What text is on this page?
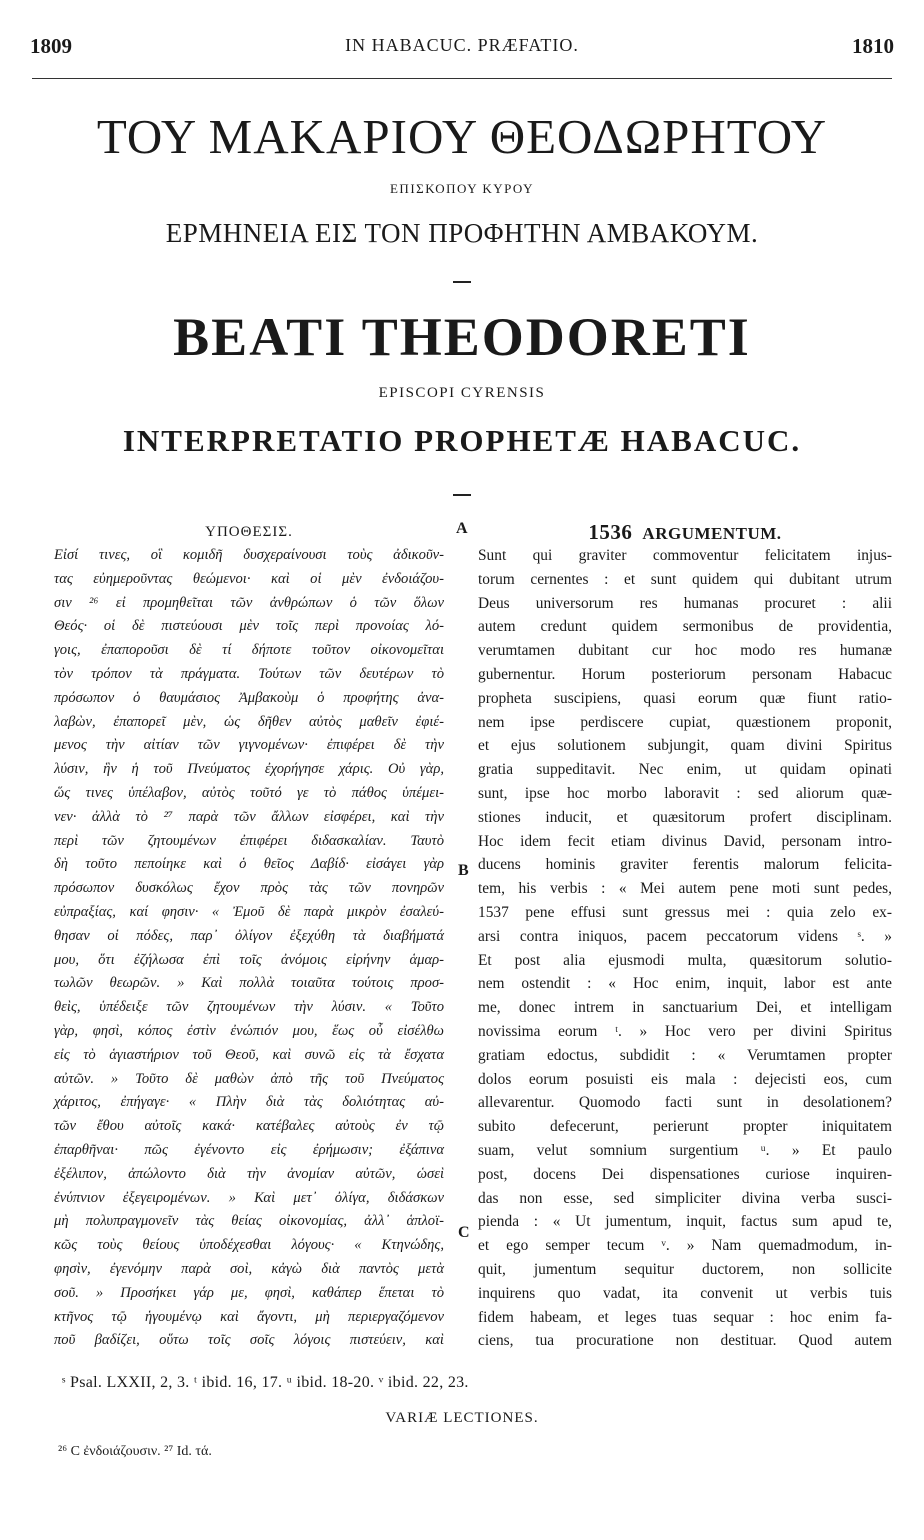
1809	IN HABACUC. PRÆFATIO.	1810
ΤΟΥ ΜΑΚΑΡΙΟΥ ΘΕΟΔΩΡΗΤΟΥ
ΕΠΙΣΚΟΠΟΥ ΚΥΡΟΥ
ΕΡΜΗΝΕΙΑ ΕΙΣ ΤΟΝ ΠΡΟΦΗΤΗΝ ΑΜΒΑΚΟΥΜ.
BEATI THEODORETI
EPISCOPI CYRENSIS
INTERPRETATIO PROPHETÆ HABACUC.
A
B
C
ΥΠΟΘΕΣΙΣ.
Εἰσί τινες, οἳ κομιδῆ δυσχεραίνουσι τοὺς ἀδικοῦν-
τας εὐημεροῦντας θεώμενοι· καὶ οἱ μὲν ἐνδοιάζου-
σιν ²⁶ εἰ προμηθεῖται τῶν ἀνθρώπων ὁ τῶν ὅλων
Θεός· οἱ δὲ πιστεύουσι μὲν τοῖς περὶ προνοίας λό-
γοις, ἐπαποροῦσι δὲ τί δήποτε τοῦτον οἰκονομεῖται
τὸν τρόπον τὰ πράγματα. Τούτων τῶν δευτέρων τὸ
πρόσωπον ὁ θαυμάσιος Ἀμβακοὺμ ὁ προφήτης ἀνα-
λαβὼν, ἐπαπορεῖ μὲν, ὡς δῆθεν αὐτὸς μαθεῖν ἐφιέ-
μενος τὴν αἰτίαν τῶν γιγνομένων· ἐπιφέρει δὲ τὴν
λύσιν, ἣν ἡ τοῦ Πνεύματος ἐχορήγησε χάρις. Οὐ γὰρ,
ὥς τινες ὑπέλαβον, αὐτὸς τοῦτό γε τὸ πάθος ὑπέμει-
νεν· ἀλλὰ τὸ ²⁷ παρὰ τῶν ἄλλων εἰσφέρει, καὶ τὴν
περὶ τῶν ζητουμένων ἐπιφέρει διδασκαλίαν. Ταυτὸ
δὴ τοῦτο πεποίηκε καὶ ὁ θεῖος Δαβίδ· εἰσάγει γὰρ
πρόσωπον δυσκόλως ἔχον πρὸς τὰς τῶν πονηρῶν
εὐπραξίας, καί φησιν· « Ἐμοῦ δὲ παρὰ μικρὸν ἐσαλεύ-
θησαν οἱ πόδες, παρ᾽ ὀλίγον ἐξεχύθη τὰ διαβήματά
μου, ὅτι ἐζήλωσα ἐπὶ τοῖς ἀνόμοις εἰρήνην ἁμαρ-
τωλῶν θεωρῶν. » Καὶ πολλὰ τοιαῦτα τούτοις προσ-
θεὶς, ὑπέδειξε τῶν ζητουμένων τὴν λύσιν. « Τοῦτο
γὰρ, φησὶ, κόπος ἐστὶν ἐνώπιόν μου, ἕως οὗ εἰσέλθω
εἰς τὸ ἁγιαστήριον τοῦ Θεοῦ, καὶ συνῶ εἰς τὰ ἔσχατα
αὐτῶν. » Τοῦτο δὲ μαθὼν ἀπὸ τῆς τοῦ Πνεύματος
χάριτος, ἐπήγαγε· « Πλὴν διὰ τὰς δολιότητας αὐ-
τῶν ἔθου αὐτοῖς κακά· κατέβαλες αὐτοὺς ἐν τῷ
ἐπαρθῆναι· πῶς ἐγένοντο εἰς ἐρήμωσιν; ἐξάπινα
ἐξέλιπον, ἀπώλοντο διὰ τὴν ἀνομίαν αὐτῶν, ὡσεὶ
ἐνύπνιον ἐξεγειρομένων. » Καὶ μετ᾽ ὀλίγα, διδάσκων
μὴ πολυπραγμονεῖν τὰς θείας οἰκονομίας, ἀλλ᾽ ἁπλοϊ-
κῶς τοὺς θείους ὑποδέχεσθαι λόγους· « Κτηνώδης,
φησὶν, ἐγενόμην παρὰ σοὶ, κἀγὼ διὰ παντὸς μετὰ
σοῦ. » Προσήκει γάρ με, φησὶ, καθάπερ ἕπεται τὸ
κτῆνος τῷ ἡγουμένῳ καὶ ἄγοντι, μὴ περιεργαζόμενον
ποῦ βαδίζει, οὕτω τοῖς σοῖς λόγοις πιστεύειν, καὶ
1536 ARGUMENTUM.
Sunt qui graviter commoventur felicitatem injus-
torum cernentes : et sunt quidem qui dubitant utrum
Deus universorum res humanas procuret : alii
autem credunt quidem sermonibus de providentia,
verumtamen dubitant cur hoc modo res humanæ
gubernentur. Horum posteriorum personam Habacuc
propheta suscipiens, quasi eorum quæ fiunt ratio-
nem ipse perdiscere cupiat, quæstionem proponit,
et ejus solutionem subjungit, quam divini Spiritus
gratia suppeditavit. Nec enim, ut quidam opinati
sunt, ipse hoc morbo laboravit : sed aliorum quæ-
stiones inducit, et quæsitorum profert disciplinam.
Hoc idem fecit etiam divinus David, personam intro-
ducens hominis graviter ferentis malorum felicita-
tem, his verbis : « Mei autem pene moti sunt pedes,
1537 pene effusi sunt gressus mei : quia zelo ex-
arsi contra iniquos, pacem peccatorum videns ˢ. »
Et post alia ejusmodi multa, quæsitorum solutio-
nem ostendit : « Hoc enim, inquit, labor est ante
me, donec intrem in sanctuarium Dei, et intelligam
novissima eorum ᵗ. » Hoc vero per divini Spiritus
gratiam edoctus, subdidit : « Verumtamen propter
dolos eorum posuisti eis mala : dejecisti eos, cum
allevarentur. Quomodo facti sunt in desolationem?
subito defecerunt, perierunt propter iniquitatem
suam, velut somnium surgentium ᵘ. » Et paulo
post, docens Dei dispensationes curiose inquiren-
das non esse, sed simpliciter divina verba susci-
pienda : « Ut jumentum, inquit, factus sum apud te,
et ego semper tecum ᵛ. » Nam quemadmodum, in-
quit, jumentum sequitur ductorem, non sollicite
inquirens quo vadat, ita convenit ut verbis tuis
fidem habeam, et leges tuas sequar : hoc enim fa-
ciens, tua procuratione non destituar. Quod autem
ˢ Psal. LXXII, 2, 3. ᵗ ibid. 16, 17. ᵘ ibid. 18-20. ᵛ ibid. 22, 23.
VARIÆ LECTIONES.
²⁶ C ἐνδοιάζουσιν. ²⁷ Id. τά.
